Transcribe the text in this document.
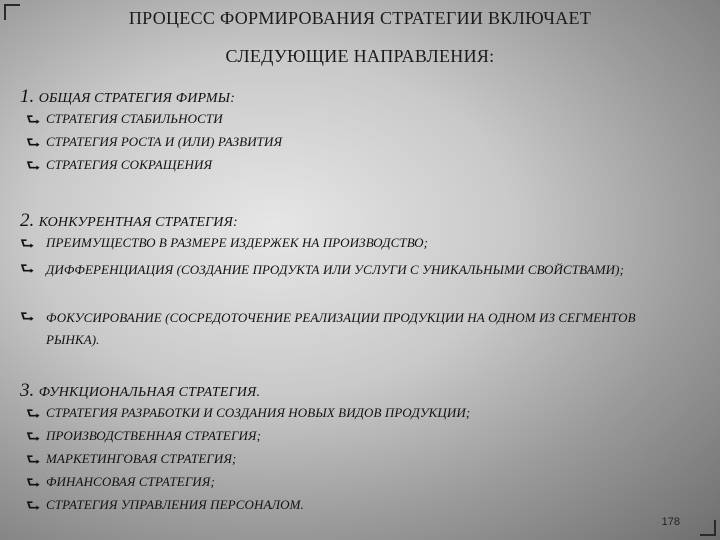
ПРОЦЕСС ФОРМИРОВАНИЯ СТРАТЕГИИ ВКЛЮЧАЕТ
СЛЕДУЮЩИЕ НАПРАВЛЕНИЯ:
1. ОБЩАЯ СТРАТЕГИЯ ФИРМЫ:
⮑ СТРАТЕГИЯ СТАБИЛЬНОСТИ
⮑ СТРАТЕГИЯ РОСТА И (ИЛИ) РАЗВИТИЯ
⮑ СТРАТЕГИЯ СОКРАЩЕНИЯ
2. КОНКУРЕНТНАЯ СТРАТЕГИЯ:
⮑ ПРЕИМУЩЕСТВО В РАЗМЕРЕ ИЗДЕРЖЕК НА ПРОИЗВОДСТВО;
⮑ ДИФФЕРЕНЦИАЦИЯ (СОЗДАНИЕ ПРОДУКТА ИЛИ УСЛУГИ С УНИКАЛЬНЫМИ СВОЙСТВАМИ);
⮑ ФОКУСИРОВАНИЕ (СОСРЕДОТОЧЕНИЕ РЕАЛИЗАЦИИ ПРОДУКЦИИ НА ОДНОМ ИЗ СЕГМЕНТОВ РЫНКА).
3. ФУНКЦИОНАЛЬНАЯ СТРАТЕГИЯ.
⮑ СТРАТЕГИЯ РАЗРАБОТКИ И СОЗДАНИЯ НОВЫХ ВИДОВ ПРОДУКЦИИ;
⮑ ПРОИЗВОДСТВЕННАЯ СТРАТЕГИЯ;
⮑ МАРКЕТИНГОВАЯ СТРАТЕГИЯ;
⮑ ФИНАНСОВАЯ СТРАТЕГИЯ;
⮑ СТРАТЕГИЯ УПРАВЛЕНИЯ ПЕРСОНАЛОМ.
178
